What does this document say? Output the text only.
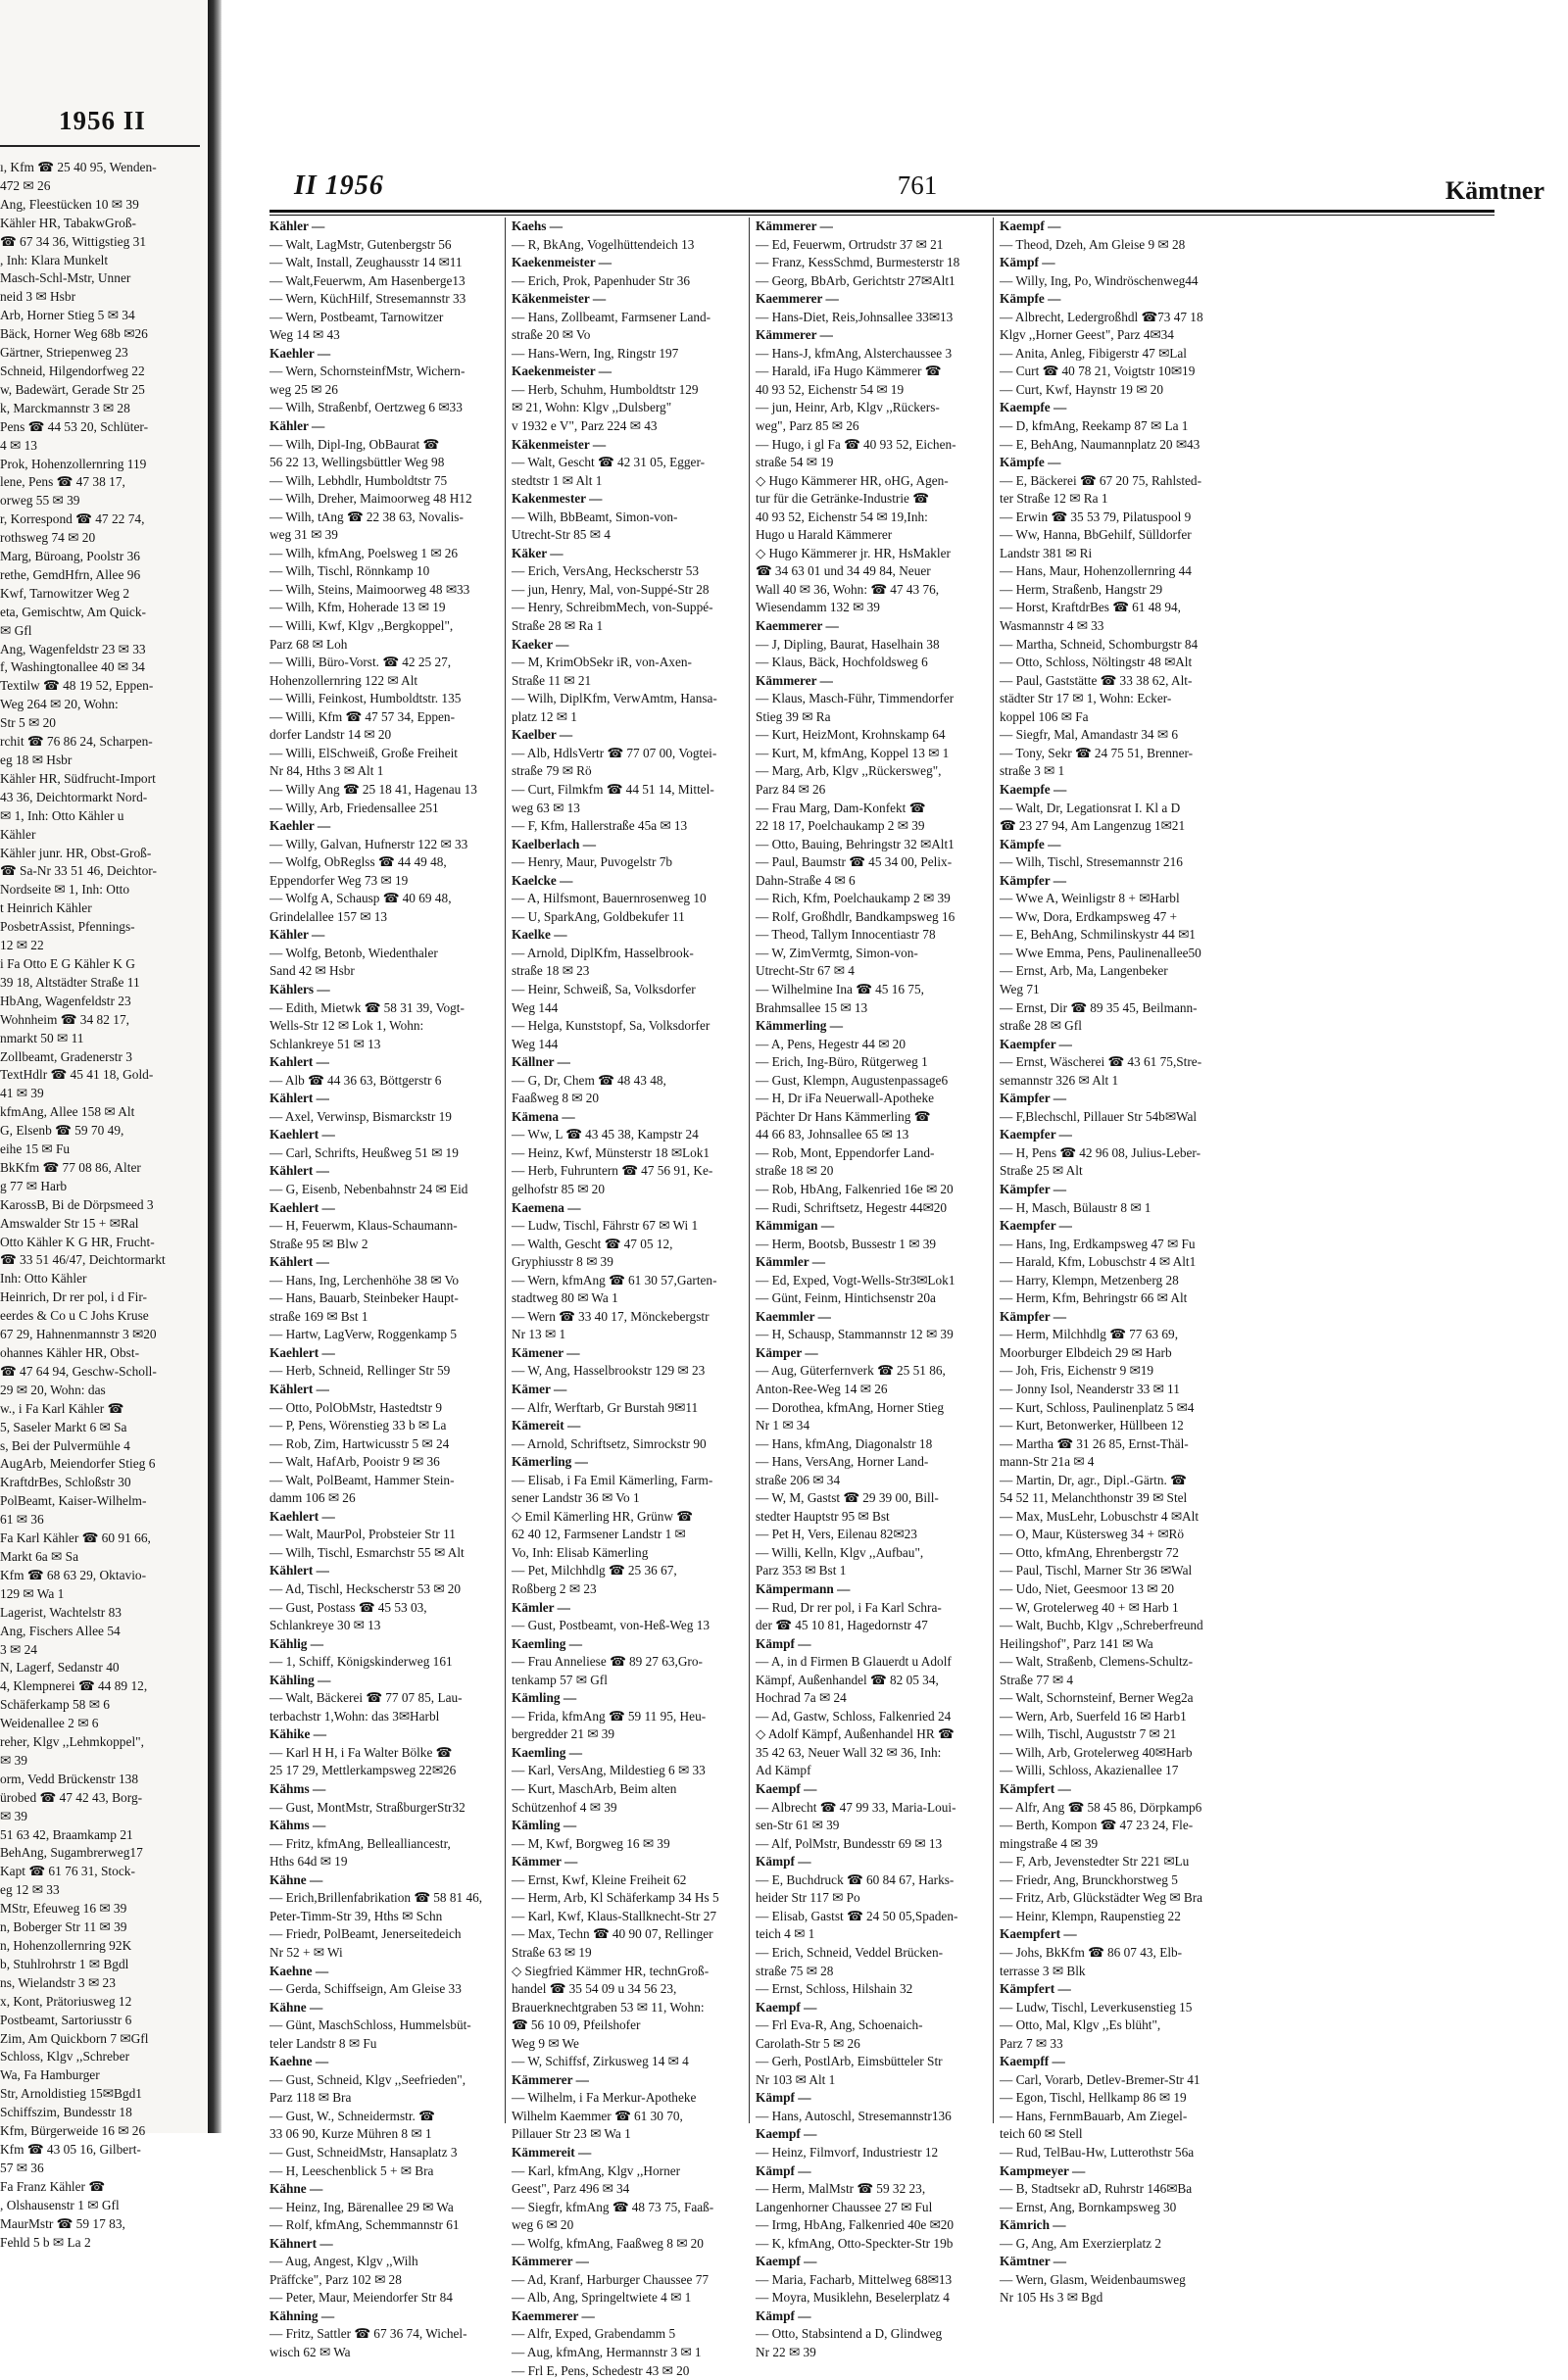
1956 II
ı, Kfm ☎ 25 40 95, Wenden-
472 ✉ 26
Ang, Fleestücken 10 ✉ 39
Kähler HR, TabakwGroß-
☎ 67 34 36, Wittigstieg 31
, Inh: Klara Munkelt
Masch-Schl-Mstr, Unner
neid 3 ✉ Hsbr
Arb, Horner Stieg 5 ✉ 34
Bäck, Horner Weg 68b ✉26
Gärtner, Striepenweg 23
Schneid, Hilgendorfweg 22
w, Badewärt, Gerade Str 25
k, Marckmannstr 3 ✉ 28
Pens ☎ 44 53 20, Schlüter-
4 ✉ 13
Prok, Hohenzollernring 119
lene, Pens ☎ 47 38 17,
orweg 55 ✉ 39
r, Korrespond ☎ 47 22 74,
rothsweg 74 ✉ 20
Marg, Büroang, Poolstr 36
rethe, GemdHfrn, Allee 96
Kwf, Tarnowitzer Weg 2
eta, Gemischtw, Am Quick-
✉ Gfl
Ang, Wagenfeldstr 23 ✉ 33
f, Washingtonallee 40 ✉ 34
Textilw ☎ 48 19 52, Eppen-
Weg 264 ✉ 20, Wohn:
Str 5 ✉ 20
rchit ☎ 76 86 24, Scharpen-
eg 18 ✉ Hsbr
Kähler HR, Südfrucht-Import
43 36, Deichtormarkt Nord-
✉ 1, Inh: Otto Kähler u
Kähler
Kähler junr. HR, Obst-Groß-
☎ Sa-Nr 33 51 46, Deichtor-
Nordseite ✉ 1, Inh: Otto
t Heinrich Kähler
PosbetrAssist, Pfennings-
12 ✉ 22
i Fa Otto E G Kähler K G
39 18, Altstädter Straße 11
HbAng, Wagenfeldstr 23
Wohnheim ☎ 34 82 17,
nmarkt 50 ✉ 11
Zollbeamt, Gradenerstr 3
TextHdlr ☎ 45 41 18, Gold-
41 ✉ 39
kfmAng, Allee 158 ✉ Alt
G, Elsenb ☎ 59 70 49,
eihe 15 ✉ Fu
BkKfm ☎ 77 08 86, Alter
g 77 ✉ Harb
KarossB, Bi de Dörpsmeed 3
Amswalder Str 15 + ✉Ral
Otto Kähler K G HR, Frucht-
☎ 33 51 46/47, Deichtormarkt
Inh: Otto Kähler
Heinrich, Dr rer pol, i d Fir-
eerdes & Co u C Johs Kruse
67 29, Hahnenmannstr 3 ✉20
ohannes Kähler HR, Obst-
☎ 47 64 94, Geschw-Scholl-
29 ✉ 20, Wohn: das
w., i Fa Karl Kähler ☎
5, Saseler Markt 6 ✉ Sa
s, Bei der Pulvermühle 4
AugArb, Meiendorfer Stieg 6
KraftdrBes, Schloßstr 30
PolBeamt, Kaiser-Wilhelm-
61 ✉ 36
Fa Karl Kähler ☎ 60 91 66,
Markt 6a ✉ Sa
Kfm ☎ 68 63 29, Oktavio-
129 ✉ Wa 1
Lagerist, Wachtelstr 83
Ang, Fischers Allee 54
3 ✉ 24
N, Lagerf, Sedanstr 40
4, Klempnerei ☎ 44 89 12,
Schäferkamp 58 ✉ 6
Weidenallee 2 ✉ 6
reher, Klgv ,,Lehmkoppel",
✉ 39
orm, Vedd Brückenstr 138
ürobed ☎ 47 42 43, Borg-
✉ 39
51 63 42, Braamkamp 21
BehAng, Sugambrerweg17
Kapt ☎ 61 76 31, Stock-
eg 12 ✉ 33
MStr, Efeuweg 16 ✉ 39
n, Boberger Str 11 ✉ 39
n, Hohenzollernring 92K
b, Stuhlrohrstr 1 ✉ Bgdl
ns, Wielandstr 3 ✉ 23
x, Kont, Prätoriusweg 12
Postbeamt, Sartoriusstr 6
Zim, Am Quickborn 7 ✉Gfl
Schloss, Klgv ,,Schreber
Wa, Fa Hamburger
Str, Arnoldistieg 15✉Bgd1
Schiffszim, Bundesstr 18
Kfm, Bürgerweide 16 ✉ 26
Kfm ☎ 43 05 16, Gilbert-
57 ✉ 36
Fa Franz Kähler ☎
, Olshausenstr 1 ✉ Gfl
MaurMstr ☎ 59 17 83,
Fehld 5 b ✉ La 2
II 1956	761	Kämtner
Kähler —
— Walt, LagMstr, Gutenbergstr 56
— Walt, Install, Zeughausstr 14 ✉11
— Walt,Feuerwm, Am Hasenberge13
— Wern, KüchHilf, Stresemannstr 33
— Wern, Postbeamt, Tarnowitzer
Weg 14 ✉ 43
Kaehler —
— Wern, SchornsteinfMstr, Wichern-
weg 25 ✉ 26
— Wilh, Straßenbf, Oertzweg 6 ✉33
Kähler —
— Wilh, Dipl-Ing, ObBaurat ☎
56 22 13, Wellingsbüttler Weg 98
— Wilh, Lebhdlr, Humboldtstr 75
— Wilh, Dreher, Maimoorweg 48 H12
— Wilh, tAng ☎ 22 38 63, Novalis-
weg 31 ✉ 39
— Wilh, kfmAng, Poelsweg 1 ✉ 26
— Wilh, Tischl, Rönnkamp 10
— Wilh, Steins, Maimoorweg 48 ✉33
— Wilh, Kfm, Hoherade 13 ✉ 19
— Willi, Kwf, Klgv ,,Bergkoppel",
Parz 68 ✉ Loh
— Willi, Büro-Vorst. ☎ 42 25 27,
Hohenzollernring 122 ✉ Alt
— Willi, Feinkost, Humboldtstr. 135
— Willi, Kfm ☎ 47 57 34, Eppen-
dorfer Landstr 14 ✉ 20
— Willi, ElSchweiß, Große Freiheit
Nr 84, Hths 3 ✉ Alt 1
— Willy Ang ☎ 25 18 41, Hagenau 13
— Willy, Arb, Friedensallee 251
Kaehler —
— Willy, Galvan, Hufnerstr 122 ✉ 33
— Wolfg, ObReglss ☎ 44 49 48,
Eppendorfer Weg 73 ✉ 19
— Wolfg A, Schausp ☎ 40 69 48,
Grindelallee 157 ✉ 13
Kähler —
— Wolfg, Betonb, Wiedenthaler
Sand 42 ✉ Hsbr
Kählers —
— Edith, Mietwk ☎ 58 31 39, Vogt-
Wells-Str 12 ✉ Lok 1, Wohn:
Schlankreye 51 ✉ 13
Kahlert —
— Alb ☎ 44 36 63, Böttgerstr 6
Kählert —
— Axel, Verwinsp, Bismarckstr 19
Kaehlert —
— Carl, Schrifts, Heußweg 51 ✉ 19
Kählert —
— G, Eisenb, Nebenbahnstr 24 ✉ Eid
Kaehlert —
— H, Feuerwm, Klaus-Schaumann-
Straße 95 ✉ Blw 2
Kählert —
— Hans, Ing, Lerchenhöhe 38 ✉ Vo
— Hans, Bauarb, Steinbeker Haupt-
straße 169 ✉ Bst 1
— Hartw, LagVerw, Roggenkamp 5
Kaehlert —
— Herb, Schneid, Rellinger Str 59
Kählert —
— Otto, PolObMstr, Hastedtstr 9
— P, Pens, Wörenstieg 33 b ✉ La
— Rob, Zim, Hartwicusstr 5 ✉ 24
— Walt, HafArb, Pooistr 9 ✉ 36
— Walt, PolBeamt, Hammer Stein-
damm 106 ✉ 26
Kaehlert —
— Walt, MaurPol, Probsteier Str 11
— Wilh, Tischl, Esmarchstr 55 ✉ Alt
Kählert —
— Ad, Tischl, Heckscherstr 53 ✉ 20
— Gust, Postass ☎ 45 53 03,
Schlankreye 30 ✉ 13
Kählig —
— 1, Schiff, Königskinderweg 161
Kähling —
— Walt, Bäckerei ☎ 77 07 85, Lau-
terbachstr 1,Wohn: das 3✉Harbl
Kähike —
— Karl H H, i Fa Walter Bölke ☎
25 17 29, Mettlerkampsweg 22✉26
Kähms —
— Gust, MontMstr, StraßburgerStr32
Kähms —
— Fritz, kfmAng, Bellealliancestr,
Hths 64d ✉ 19
Kähne —
— Erich,Brillenfabrikation ☎ 58 81 46,
Peter-Timm-Str 39, Hths ✉ Schn
— Friedr, PolBeamt, Jenerseitedeich
Nr 52 + ✉ Wi
Kaehne —
— Gerda, Schiffseign, Am Gleise 33
Kähne —
— Günt, MaschSchloss, Hummelsbüt-
teler Landstr 8 ✉ Fu
Kaehne —
— Gust, Schneid, Klgv ,,Seefrieden",
Parz 118 ✉ Bra
— Gust, W., Schneidermstr. ☎
33 06 90, Kurze Mühren 8 ✉ 1
— Gust, SchneidMstr, Hansaplatz 3
— H, Leeschenblick 5 + ✉ Bra
Kähne —
— Heinz, Ing, Bärenallee 29 ✉ Wa
— Rolf, kfmAng, Schemmannstr 61
Kähnert —
— Aug, Angest, Klgv ,,Wilh
Präffcke", Parz 102 ✉ 28
— Peter, Maur, Meiendorfer Str 84
Kähning —
— Fritz, Sattler ☎ 67 36 74, Wichel-
wisch 62 ✉ Wa
Kaehs —
— R, BkAng, Vogelhüttendeich 13
Kaekenmeister —
— Erich, Prok, Papenhuder Str 36
Käkenmeister —
— Hans, Zollbeamt, Farmsener Land-
straße 20 ✉ Vo
— Hans-Wern, Ing, Ringstr 197
Kaekenmeister —
— Herb, Schuhm, Humboldtstr 129
✉ 21, Wohn: Klgv ,,Dulsberg"
v 1932 e V", Parz 224 ✉ 43
Käkenmeister —
— Walt, Gescht ☎ 42 31 05, Egger-
stedtstr 1 ✉ Alt 1
Kakenmester —
— Wilh, BbBeamt, Simon-von-
Utrecht-Str 85 ✉ 4
Käker —
— Erich, VersAng, Heckscherstr 53
— jun, Henry, Mal, von-Suppé-Str 28
— Henry, SchreibmMech, von-Suppé-
Straße 28 ✉ Ra 1
Kaeker —
— M, KrimObSekr iR, von-Axen-
Straße 11 ✉ 21
— Wilh, DiplKfm, VerwAmtm, Hansa-
platz 12 ✉ 1
Kaelber —
— Alb, HdlsVertr ☎ 77 07 00, Vogtei-
straße 79 ✉ Rö
— Curt, Filmkfm ☎ 44 51 14, Mittel-
weg 63 ✉ 13
— F, Kfm, Hallerstraße 45a ✉ 13
Kaelberlach —
— Henry, Maur, Puvogelstr 7b
Kaelcke —
— A, Hilfsmont, Bauernrosenweg 10
— U, SparkAng, Goldbekufer 11
Kaelke —
— Arnold, DiplKfm, Hasselbrook-
straße 18 ✉ 23
— Heinr, Schweiß, Sa, Volksdorfer
Weg 144
— Helga, Kunststopf, Sa, Volksdorfer
Weg 144
Källner —
— G, Dr, Chem ☎ 48 43 48,
Faaßweg 8 ✉ 20
Kämena —
— Ww, L ☎ 43 45 38, Kampstr 24
— Heinz, Kwf, Münsterstr 18 ✉Lok1
— Herb, Fuhruntern ☎ 47 56 91, Ke-
gelhofstr 85 ✉ 20
Kaemena —
— Ludw, Tischl, Fährstr 67 ✉ Wi 1
— Walth, Gescht ☎ 47 05 12,
Gryphiusstr 8 ✉ 39
— Wern, kfmAng ☎ 61 30 57,Garten-
stadtweg 80 ✉ Wa 1
— Wern ☎ 33 40 17, Mönckebergstr
Nr 13 ✉ 1
Kämener —
— W, Ang, Hasselbrookstr 129 ✉ 23
Kämer —
— Alfr, Werftarb, Gr Burstah 9✉11
Kämereit —
— Arnold, Schriftsetz, Simrockstr 90
Kämerling —
— Elisab, i Fa Emil Kämerling, Farm-
sener Landstr 36 ✉ Vo 1
◇ Emil Kämerling HR, Grünw ☎
62 40 12, Farmsener Landstr 1 ✉
Vo, Inh: Elisab Kämerling
— Pet, Milchhdlg ☎ 25 36 67,
Roßberg 2 ✉ 23
Kämler —
— Gust, Postbeamt, von-Heß-Weg 13
Kaemling —
— Frau Anneliese ☎ 89 27 63,Gro-
tenkamp 57 ✉ Gfl
Kämling —
— Frida, kfmAng ☎ 59 11 95, Heu-
bergredder 21 ✉ 39
Kaemling —
— Karl, VersAng, Mildestieg 6 ✉ 33
— Kurt, MaschArb, Beim alten
Schützenhof 4 ✉ 39
Kämling —
— M, Kwf, Borgweg 16 ✉ 39
Kämmer —
— Ernst, Kwf, Kleine Freiheit 62
— Herm, Arb, Kl Schäferkamp 34 Hs 5
— Karl, Kwf, Klaus-Stallknecht-Str 27
— Max, Techn ☎ 40 90 07, Rellinger
Straße 63 ✉ 19
◇ Siegfried Kämmer HR, technGroß-
handel ☎ 35 54 09 u 34 56 23,
Brauerknechtgraben 53 ✉ 11, Wohn:
☎ 56 10 09, Pfeilshofer
Weg 9 ✉ We
— W, Schiffsf, Zirkusweg 14 ✉ 4
Kämmerer —
— Wilhelm, i Fa Merkur-Apotheke
Wilhelm Kaemmer ☎ 61 30 70,
Pillauer Str 23 ✉ Wa 1
Kämmereit —
— Karl, kfmAng, Klgv ,,Horner
Geest", Parz 496 ✉ 34
— Siegfr, kfmAng ☎ 48 73 75, Faaß-
weg 6 ✉ 20
— Wolfg, kfmAng, Faaßweg 8 ✉ 20
Kämmerer —
— Ad, Kranf, Harburger Chaussee 77
— Alb, Ang, Springeltwiete 4 ✉ 1
Kaemmerer —
— Alfr, Exped, Grabendamm 5
— Aug, kfmAng, Hermannstr 3 ✉ 1
— Frl E, Pens, Schedestr 43 ✉ 20
Kämmerer —
— Ed, Feuerwm, Ortrudstr 37 ✉ 21
— Franz, KessSchmd, Burmesterstr 18
— Georg, BbArb, Gerichtstr 27✉Alt1
Kaemmerer —
— Hans-Diet, Reis,Johnsallee 33✉13
Kämmerer —
— Hans-J, kfmAng, Alsterchaussee 3
— Harald, iFa Hugo Kämmerer ☎
40 93 52, Eichenstr 54 ✉ 19
— jun, Heinr, Arb, Klgv ,,Rückers-
weg", Parz 85 ✉ 26
— Hugo, i gl Fa ☎ 40 93 52, Eichen-
straße 54 ✉ 19
◇ Hugo Kämmerer HR, oHG, Agen-
tur für die Getränke-Industrie ☎
40 93 52, Eichenstr 54 ✉ 19,Inh:
Hugo u Harald Kämmerer
◇ Hugo Kämmerer jr. HR, HsMakler
☎ 34 63 01 und 34 49 84, Neuer
Wall 40 ✉ 36, Wohn: ☎ 47 43 76,
Wiesendamm 132 ✉ 39
Kaemmerer —
— J, Dipling, Baurat, Haselhain 38
— Klaus, Bäck, Hochfoldsweg 6
Kämmerer —
— Klaus, Masch-Führ, Timmendorfer
Stieg 39 ✉ Ra
— Kurt, HeizMont, Krohnskamp 64
— Kurt, M, kfmAng, Koppel 13 ✉ 1
— Marg, Arb, Klgv ,,Rückersweg",
Parz 84 ✉ 26
— Frau Marg, Dam-Konfekt ☎
22 18 17, Poelchaukamp 2 ✉ 39
— Otto, Bauing, Behringstr 32 ✉Alt1
— Paul, Baumstr ☎ 45 34 00, Pelix-
Dahn-Straße 4 ✉ 6
— Rich, Kfm, Poelchaukamp 2 ✉ 39
— Rolf, Großhdlr, Bandkampsweg 16
— Theod, Tallym Innocentiastr 78
— W, ZimVermtg, Simon-von-
Utrecht-Str 67 ✉ 4
— Wilhelmine Ina ☎ 45 16 75,
Brahmsallee 15 ✉ 13
Kämmerling —
— A, Pens, Hegestr 44 ✉ 20
— Erich, Ing-Büro, Rütgerweg 1
— Gust, Klempn, Augustenpassage6
— H, Dr iFa Neuerwall-Apotheke
Pächter Dr Hans Kämmerling ☎
44 66 83, Johnsallee 65 ✉ 13
— Rob, Mont, Eppendorfer Land-
straße 18 ✉ 20
— Rob, HbAng, Falkenried 16e ✉ 20
— Rudi, Schriftsetz, Hegestr 44✉20
Kämmigan —
— Herm, Bootsb, Bussestr 1 ✉ 39
Kämmler —
— Ed, Exped, Vogt-Wells-Str3✉Lok1
— Günt, Feinm, Hintichsenstr 20a
Kaemmler —
— H, Schausp, Stammannstr 12 ✉ 39
Kämper —
— Aug, Güterfernverk ☎ 25 51 86,
Anton-Ree-Weg 14 ✉ 26
— Dorothea, kfmAng, Horner Stieg
Nr 1 ✉ 34
— Hans, kfmAng, Diagonalstr 18
— Hans, VersAng, Horner Land-
straße 206 ✉ 34
— W, M, Gastst ☎ 29 39 00, Bill-
stedter Hauptstr 95 ✉ Bst
— Pet H, Vers, Eilenau 82✉23
— Willi, Kelln, Klgv ,,Aufbau",
Parz 353 ✉ Bst 1
Kämpermann —
— Rud, Dr rer pol, i Fa Karl Schra-
der ☎ 45 10 81, Hagedornstr 47
Kämpf —
— A, in d Firmen B Glauerdt u Adolf
Kämpf, Außenhandel ☎ 82 05 34,
Hochrad 7a ✉ 24
— Ad, Gastw, Schloss, Falkenried 24
◇ Adolf Kämpf, Außenhandel HR ☎
35 42 63, Neuer Wall 32 ✉ 36, Inh:
Ad Kämpf
Kaempf —
— Albrecht ☎ 47 99 33, Maria-Loui-
sen-Str 61 ✉ 39
— Alf, PolMstr, Bundesstr 69 ✉ 13
Kämpf —
— E, Buchdruck ☎ 60 84 67, Harks-
heider Str 117 ✉ Po
— Elisab, Gastst ☎ 24 50 05,Spaden-
teich 4 ✉ 1
— Erich, Schneid, Veddel Brücken-
straße 75 ✉ 28
— Ernst, Schloss, Hilshain 32
Kaempf —
— Frl Eva-R, Ang, Schoenaich-
Carolath-Str 5 ✉ 26
— Gerh, PostlArb, Eimsbütteler Str
Nr 103 ✉ Alt 1
Kämpf —
— Hans, Autoschl, Stresemannstr136
Kaempf —
— Heinz, Filmvorf, Industriestr 12
Kämpf —
— Herm, MalMstr ☎ 59 32 23,
Langenhorner Chaussee 27 ✉ Ful
— Irmg, HbAng, Falkenried 40e ✉20
— K, kfmAng, Otto-Speckter-Str 19b
Kaempf —
— Maria, Facharb, Mittelweg 68✉13
— Moyra, Musiklehn, Beselerplatz 4
Kämpf —
— Otto, Stabsintend a D, Glindweg
Nr 22 ✉ 39
Kaempf —
— Theod, Dzeh, Am Gleise 9 ✉ 28
Kämpf —
— Willy, Ing, Po, Windröschenweg44
Kämpfe —
— Albrecht, Ledergroßhdl ☎73 47 18
Klgv ,,Horner Geest", Parz 4✉34
— Anita, Anleg, Fibigerstr 47 ✉Lal
— Curt ☎ 40 78 21, Voigtstr 10✉19
— Curt, Kwf, Haynstr 19 ✉ 20
Kaempfe —
— D, kfmAng, Reekamp 87 ✉ La 1
— E, BehAng, Naumannplatz 20 ✉43
Kämpfe —
— E, Bäckerei ☎ 67 20 75, Rahlsted-
ter Straße 12 ✉ Ra 1
— Erwin ☎ 35 53 79, Pilatuspool 9
— Ww, Hanna, BbGehilf, Sülldorfer
Landstr 381 ✉ Ri
— Hans, Maur, Hohenzollernring 44
— Herm, Straßenb, Hangstr 29
— Horst, KraftdrBes ☎ 61 48 94,
Wasmannstr 4 ✉ 33
— Martha, Schneid, Schomburgstr 84
— Otto, Schloss, Nöltingstr 48 ✉Alt
— Paul, Gaststätte ☎ 33 38 62, Alt-
städter Str 17 ✉ 1, Wohn: Ecker-
koppel 106 ✉ Fa
— Siegfr, Mal, Amandastr 34 ✉ 6
— Tony, Sekr ☎ 24 75 51, Brenner-
straße 3 ✉ 1
Kaempfe —
— Walt, Dr, Legationsrat I. Kl a D
☎ 23 27 94, Am Langenzug 1✉21
Kämpfe —
— Wilh, Tischl, Stresemannstr 216
Kämpfer —
— Wwe A, Weinligstr 8 + ✉Harbl
— Ww, Dora, Erdkampsweg 47 +
— E, BehAng, Schmilinskystr 44 ✉1
— Wwe Emma, Pens, Paulinenallee50
— Ernst, Arb, Ma, Langenbeker
Weg 71
— Ernst, Dir ☎ 89 35 45, Beilmann-
straße 28 ✉ Gfl
Kaempfer —
— Ernst, Wäscherei ☎ 43 61 75,Stre-
semannstr 326 ✉ Alt 1
Kämpfer —
— F,Blechschl, Pillauer Str 54b✉Wal
Kaempfer —
— H, Pens ☎ 42 96 08, Julius-Leber-
Straße 25 ✉ Alt
Kämpfer —
— H, Masch, Bülaustr 8 ✉ 1
Kaempfer —
— Hans, Ing, Erdkampsweg 47 ✉ Fu
— Harald, Kfm, Lobuschstr 4 ✉ Alt1
— Harry, Klempn, Metzenberg 28
— Herm, Kfm, Behringstr 66 ✉ Alt
Kämpfer —
— Herm, Milchhdlg ☎ 77 63 69,
Moorburger Elbdeich 29 ✉ Harb
— Joh, Fris, Eichenstr 9 ✉19
— Jonny Isol, Neanderstr 33 ✉ 11
— Kurt, Schloss, Paulinenplatz 5 ✉4
— Kurt, Betonwerker, Hüllbeen 12
— Martha ☎ 31 26 85, Ernst-Thäl-
mann-Str 21a ✉ 4
— Martin, Dr, agr., Dipl.-Gärtn. ☎
54 52 11, Melanchthonstr 39 ✉ Stel
— Max, MusLehr, Lobuschstr 4 ✉Alt
— O, Maur, Küstersweg 34 + ✉Rö
— Otto, kfmAng, Ehrenbergstr 72
— Paul, Tischl, Marner Str 36 ✉Wal
— Udo, Niet, Geesmoor 13 ✉ 20
— W, Grotelerweg 40 + ✉ Harb 1
— Walt, Buchb, Klgv ,,Schreberfreund
Heilingshof", Parz 141 ✉ Wa
— Walt, Straßenb, Clemens-Schultz-
Straße 77 ✉ 4
— Walt, Schornsteinf, Berner Weg2a
— Wern, Arb, Suerfeld 16 ✉ Harb1
— Wilh, Tischl, Auguststr 7 ✉ 21
— Wilh, Arb, Grotelerweg 40✉Harb
— Willi, Schloss, Akazienallee 17
Kämpfert —
— Alfr, Ang ☎ 58 45 86, Dörpkamp6
— Berth, Kompon ☎ 47 23 24, Fle-
mingstraße 4 ✉ 39
— F, Arb, Jevenstedter Str 221 ✉Lu
— Friedr, Ang, Brunckhorstweg 5
— Fritz, Arb, Glückstädter Weg ✉ Bra
— Heinr, Klempn, Raupenstieg 22
Kaempfert —
— Johs, BkKfm ☎ 86 07 43, Elb-
terrasse 3 ✉ Blk
Kämpfert —
— Ludw, Tischl, Leverkusenstieg 15
— Otto, Mal, Klgv ,,Es blüht",
Parz 7 ✉ 33
Kaempff —
— Carl, Vorarb, Detlev-Bremer-Str 41
— Egon, Tischl, Hellkamp 86 ✉ 19
— Hans, FernmBauarb, Am Ziegel-
teich 60 ✉ Stell
— Rud, TelBau-Hw, Lutterothstr 56a
Kampmeyer —
— B, Stadtsekr aD, Ruhrstr 146✉Ba
— Ernst, Ang, Bornkampsweg 30
Kämrich —
— G, Ang, Am Exerzierplatz 2
Kämtner —
— Wern, Glasm, Weidenbaumsweg
Nr 105 Hs 3 ✉ Bgd
